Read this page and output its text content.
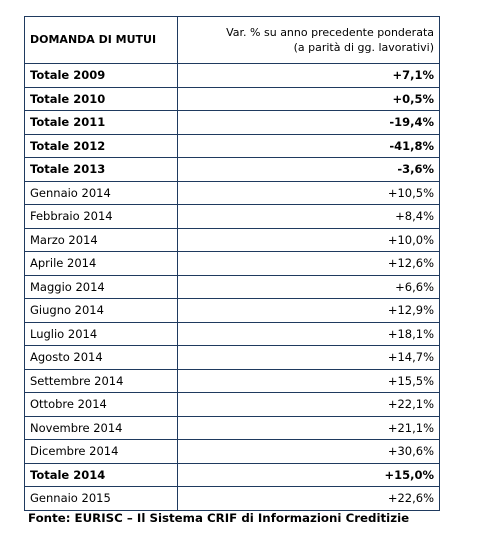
DOMANDA DI MUTUI	Var. % su anno precedente ponderata
(a parità di gg. lavorativi)

Totale 2009	+7,1%
Totale 2010	+0,5%
Totale 2011	-19,4%
Totale 2012	-41,8%
Totale 2013	-3,6%
Gennaio 2014	+10,5%
Febbraio 2014	+8,4%
Marzo 2014	+10,0%
Aprile 2014	+12,6%
Maggio 2014	+6,6%
Giugno 2014	+12,9%
Luglio 2014	+18,1%
Agosto 2014	+14,7%
Settembre 2014	+15,5%
Ottobre 2014	+22,1%
Novembre 2014	+21,1%
Dicembre 2014	+30,6%
Totale 2014	+15,0%
Gennaio 2015	+22,6%
Fonte: EURISC – Il Sistema CRIF di Informazioni Creditizie
